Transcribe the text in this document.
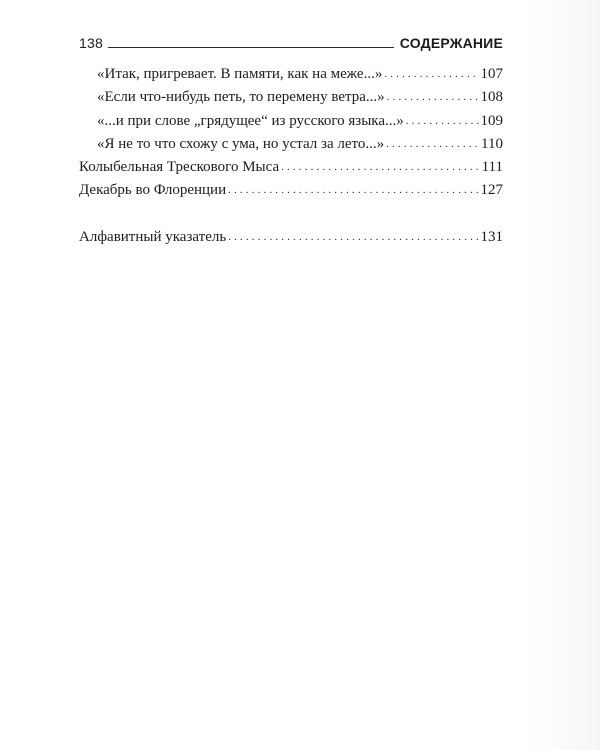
138	СОДЕРЖАНИЕ
«Итак, пригревает. В памяти, как на меже...» . . .	107
«Если что-нибудь петь, то перемену ветра...» . . .	108
«...и при слове „грядущее“ из русского языка...» . . .	109
«Я не то что схожу с ума, но устал за лето...» . . .	110
Колыбельная Трескового Мыса . . .	111
Декабрь во Флоренции . . .	127
Алфавитный указатель . . .	131
